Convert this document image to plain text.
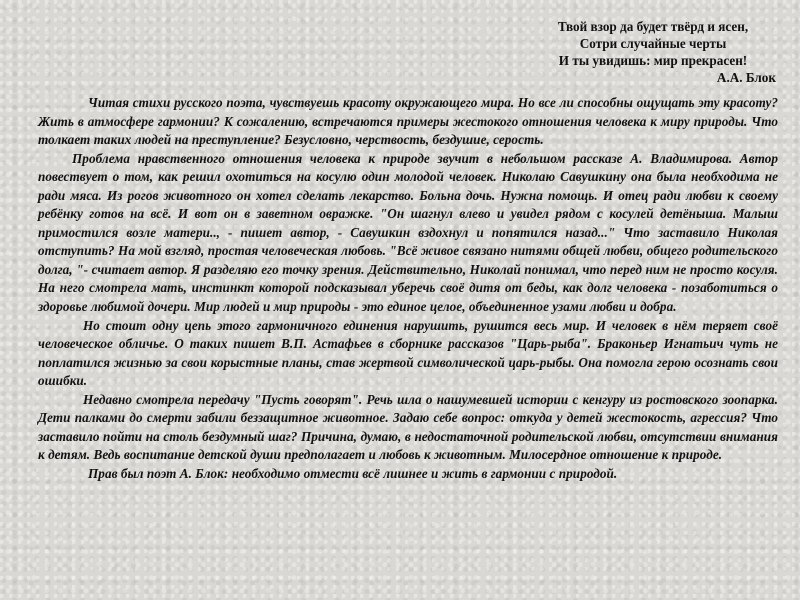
Твой взор да будет твёрд и ясен,
Сотри случайные черты
И ты увидишь: мир прекрасен!
А.А. Блок

Читая стихи русского поэта, чувствуешь красоту окружающего мира. Но все ли способны ощущать эту красоту? Жить в атмосфере гармонии? К сожалению, встречаются примеры жестокого отношения человека к миру природы. Что толкает таких людей на преступление? Безусловно, черствость, бездушие, серость.

Проблема нравственного отношения человека к природе звучит в небольшом рассказе А. Владимирова. Автор повествует о том, как решил охотиться на косулю один молодой человек. Николаю Савушкину она была необходима не ради мяса. Из рогов животного он хотел сделать лекарство. Больна дочь. Нужна помощь. И отец ради любви к своему ребёнку готов на всё. И вот он в заветном овражке. "Он шагнул влево и увидел рядом с косулей детёныша. Малыш примостился возле матери.., - пишет автор, - Савушкин вздохнул и попятился назад..." Что заставило Николая отступить? На мой взгляд, простая человеческая любовь. "Всё живое связано нитями общей любви, общего родительского долга, "- считает автор. Я разделяю его точку зрения. Действительно, Николай понимал, что перед ним не просто косуля. На него смотрела мать, инстинкт которой подсказывал уберечь своё дитя от беды, как долг человека - позаботиться о здоровье любимой дочери. Мир людей и мир природы - это единое целое, объединенное узами любви и добра.

Но стоит одну цепь этого гармоничного единения нарушить, рушится весь мир. И человек в нём теряет своё человеческое обличье. О таких пишет В.П. Астафьев в сборнике рассказов "Царь-рыба". Браконьер Игнатьич чуть не поплатился жизнью за свои корыстные планы, став жертвой символической царь-рыбы. Она помогла герою осознать свои ошибки.

Недавно смотрела передачу "Пусть говорят". Речь шла о нашумевшей истории с кенгуру из ростовского зоопарка. Дети палками до смерти забили беззащитное животное. Задаю себе вопрос: откуда у детей жестокость, агрессия? Что заставило пойти на столь бездумный шаг? Причина, думаю, в недостаточной родительской любви, отсутствии внимания к детям. Ведь воспитание детской души предполагает и любовь к животным. Милосердное отношение к природе.

Прав был поэт А. Блок: необходимо отмести всё лишнее и жить в гармонии с природой.
